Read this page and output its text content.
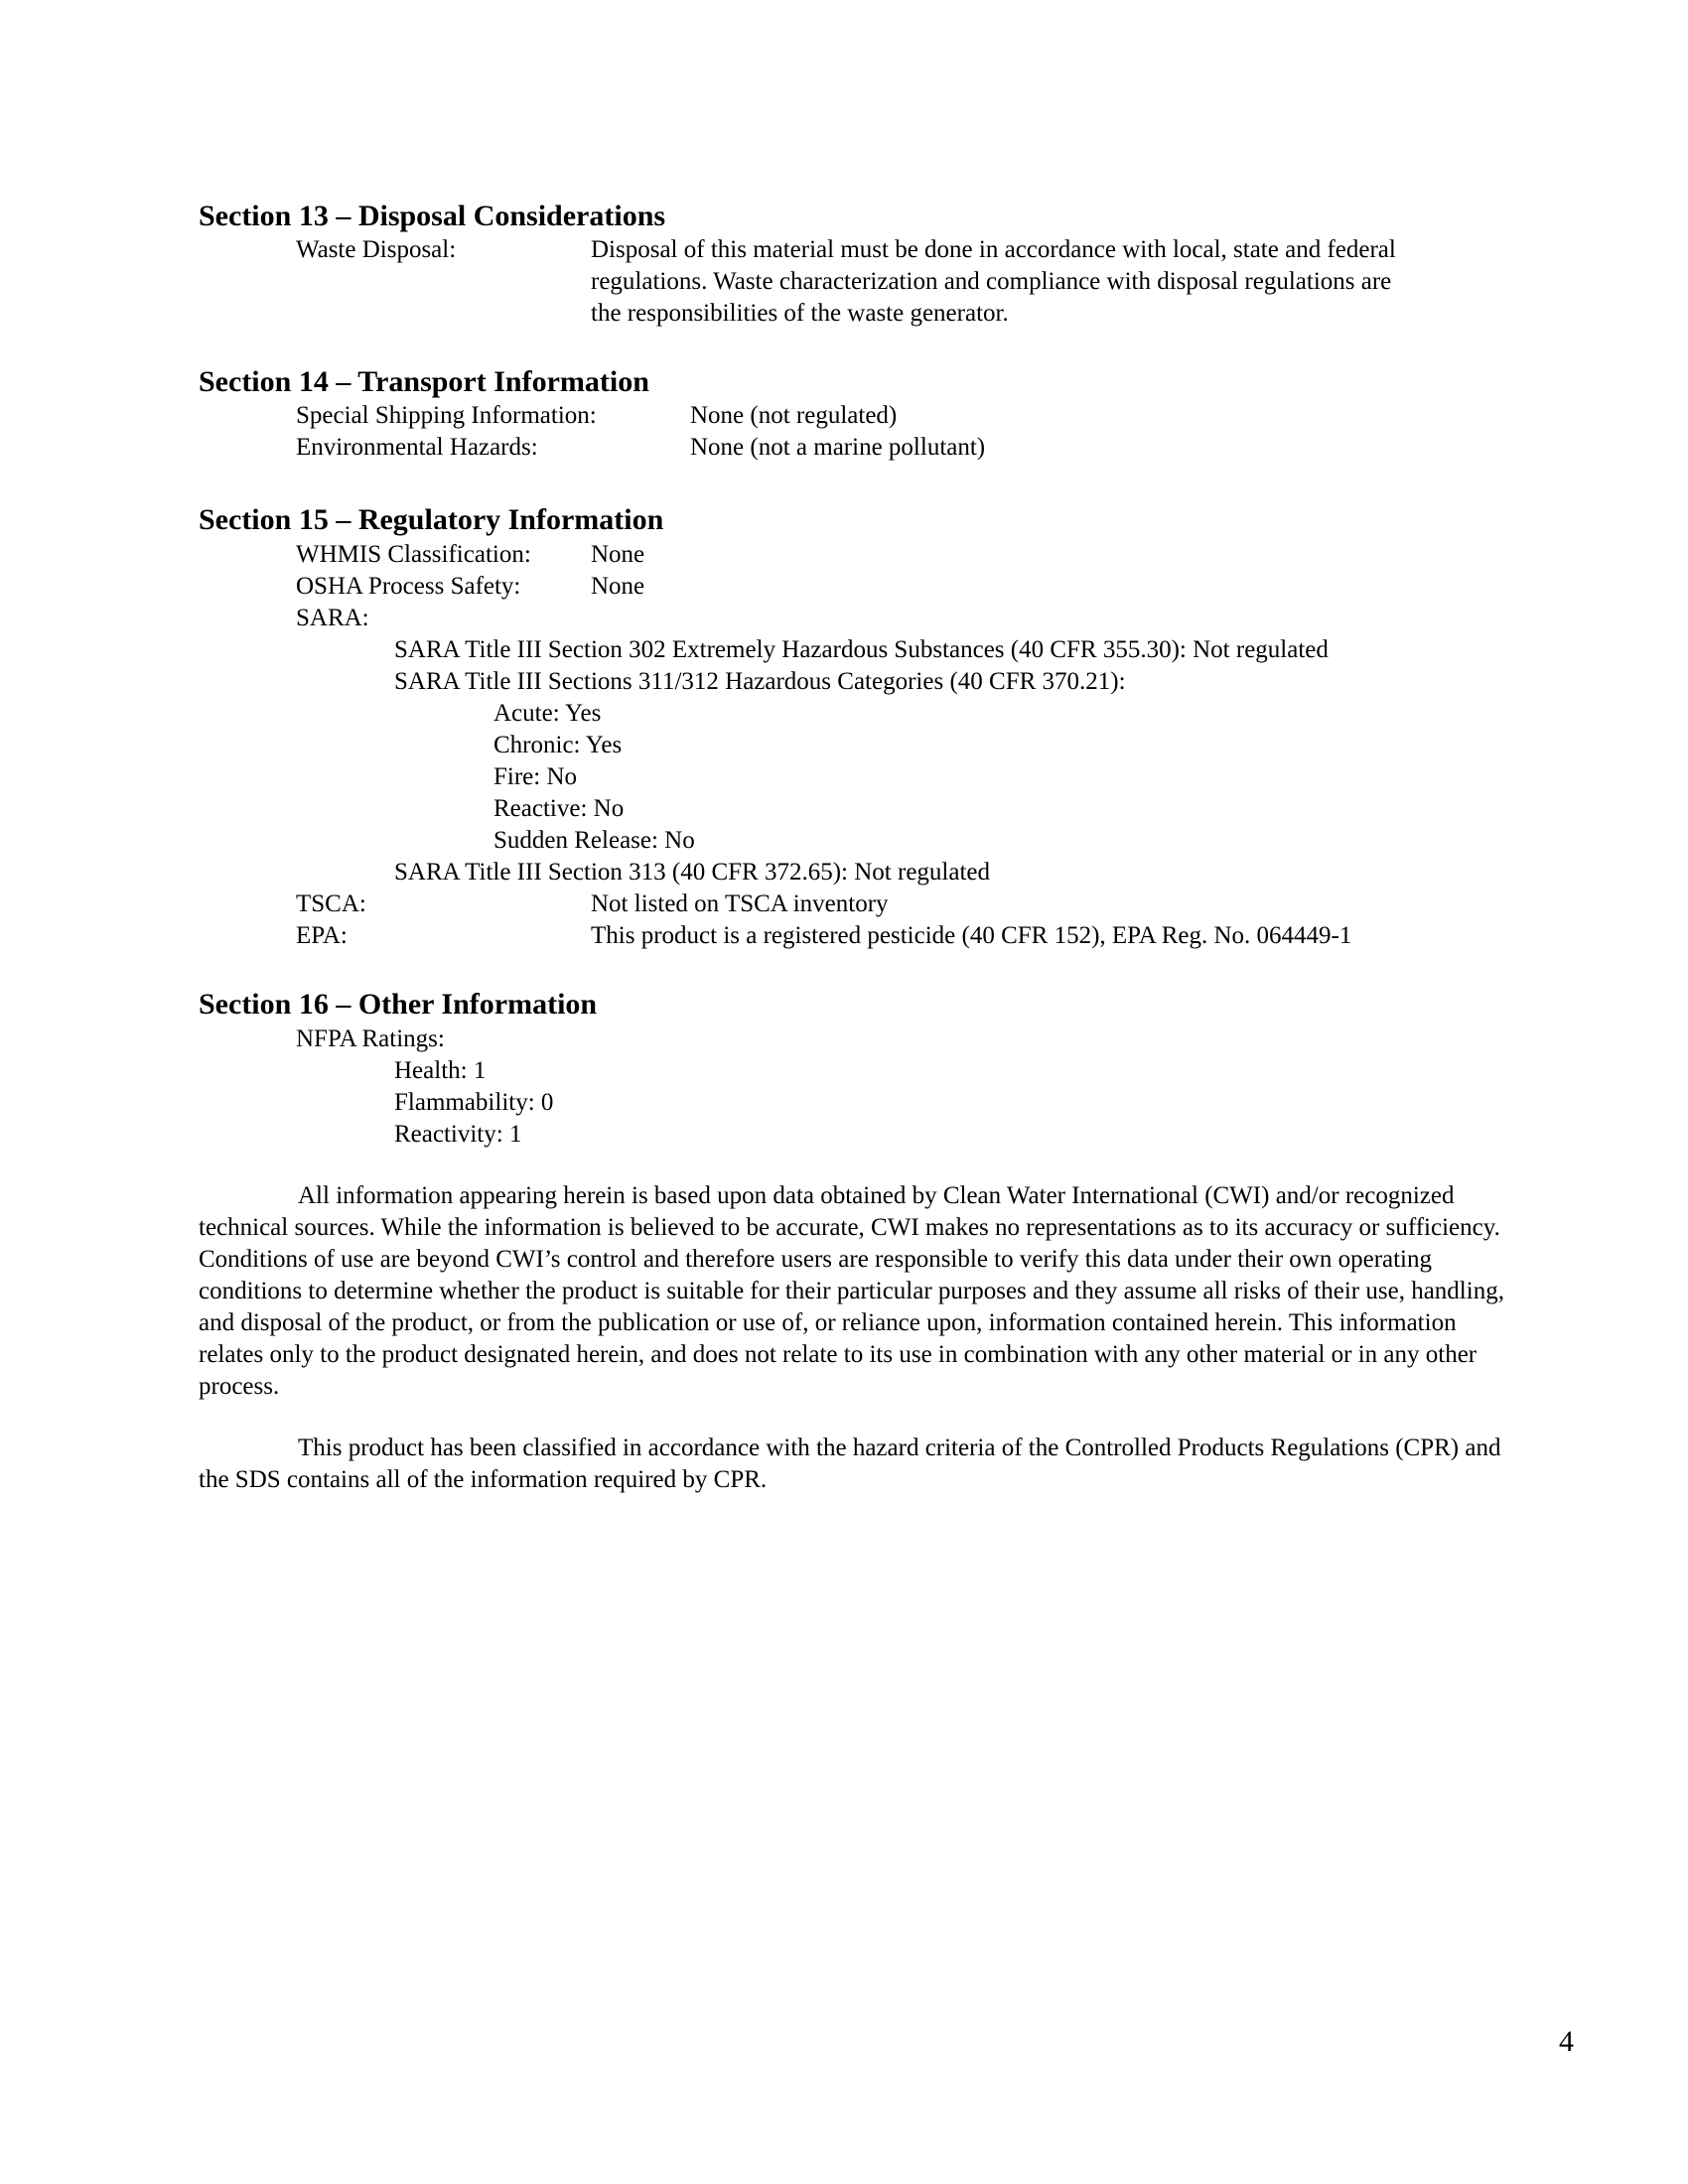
Section 13 – Disposal Considerations
Waste Disposal:	Disposal of this material must be done in accordance with local, state and federal
regulations. Waste characterization and compliance with disposal regulations are
the responsibilities of the waste generator.
Section 14 – Transport Information
Special Shipping Information:	None (not regulated)
Environmental Hazards:	None (not a marine pollutant)
Section 15 – Regulatory Information
WHMIS Classification: None
OSHA Process Safety:	None
SARA:
SARA Title III Section 302 Extremely Hazardous Substances (40 CFR 355.30): Not regulated
SARA Title III Sections 311/312 Hazardous Categories (40 CFR 370.21):
Acute: Yes
Chronic: Yes
Fire: No
Reactive: No
Sudden Release: No
SARA Title III Section 313 (40 CFR 372.65): Not regulated
TSCA:	Not listed on TSCA inventory
EPA:	This product is a registered pesticide (40 CFR 152), EPA Reg. No. 064449-1
Section 16 – Other Information
NFPA Ratings:
Health: 1
Flammability: 0
Reactivity: 1
All information appearing herein is based upon data obtained by Clean Water International (CWI) and/or recognized technical sources. While the information is believed to be accurate, CWI makes no representations as to its accuracy or sufficiency. Conditions of use are beyond CWI’s control and therefore users are responsible to verify this data under their own operating conditions to determine whether the product is suitable for their particular purposes and they assume all risks of their use, handling, and disposal of the product, or from the publication or use of, or reliance upon, information contained herein. This information relates only to the product designated herein, and does not relate to its use in combination with any other material or in any other process.
This product has been classified in accordance with the hazard criteria of the Controlled Products Regulations (CPR) and the SDS contains all of the information required by CPR.
4
